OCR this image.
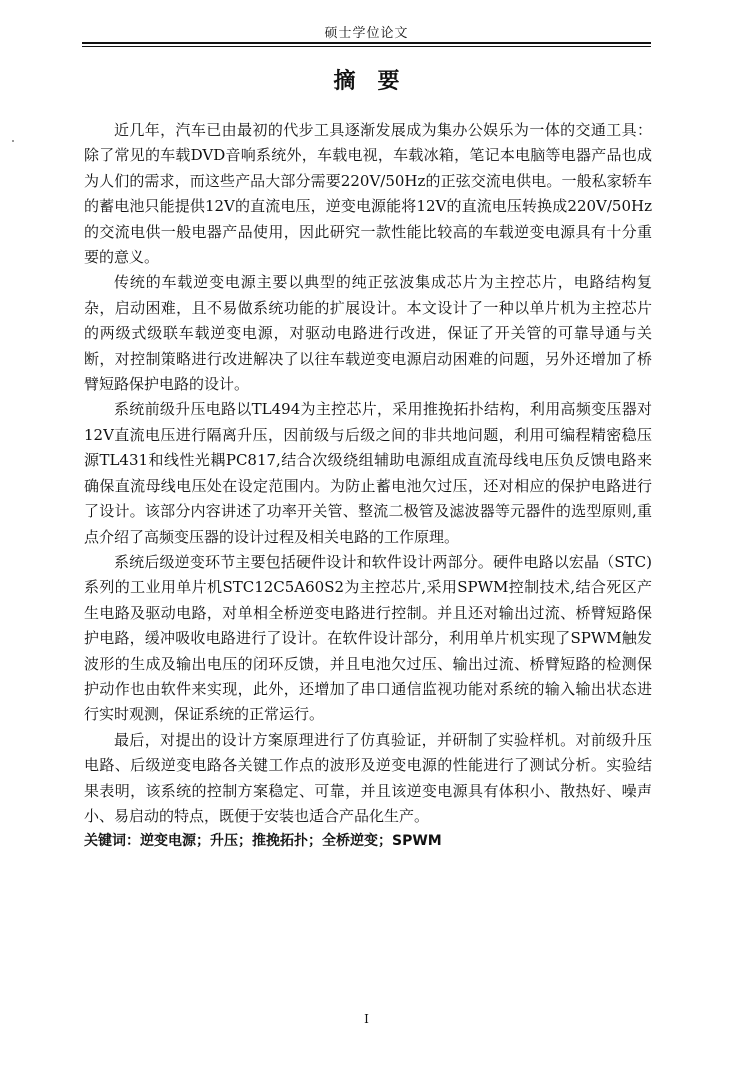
硕士学位论文
摘要

近几年，汽车已由最初的代步工具逐渐发展成为集办公娱乐为一体的交通工具：除了常见的车载DVD音响系统外，车载电视，车载冰箱，笔记本电脑等电器产品也成为人们的需求，而这些产品大部分需要220V/50Hz的正弦交流电供电。一般私家轿车的蓄电池只能提供12V的直流电压，逆变电源能将12V的直流电压转换成220V/50Hz的交流电供一般电器产品使用，因此研究一款性能比较高的车载逆变电源具有十分重要的意义。

传统的车载逆变电源主要以典型的纯正弦波集成芯片为主控芯片，电路结构复杂，启动困难，且不易做系统功能的扩展设计。本文设计了一种以单片机为主控芯片的两级式级联车载逆变电源，对驱动电路进行改进，保证了开关管的可靠导通与关断，对控制策略进行改进解决了以往车载逆变电源启动困难的问题，另外还增加了桥臂短路保护电路的设计。

系统前级升压电路以TL494为主控芯片，采用推挽拓扑结构，利用高频变压器对12V直流电压进行隔离升压，因前级与后级之间的非共地问题，利用可编程精密稳压源TL431和线性光耦PC817,结合次级绕组辅助电源组成直流母线电压负反馈电路来确保直流母线电压处在设定范围内。为防止蓄电池欠过压，还对相应的保护电路进行了设计。该部分内容讲述了功率开关管、整流二极管及滤波器等元器件的选型原则,重点介绍了高频变压器的设计过程及相关电路的工作原理。

系统后级逆变环节主要包括硬件设计和软件设计两部分。硬件电路以宏晶（STC)系列的工业用单片机STC12C5A60S2为主控芯片,采用SPWM控制技术,结合死区产生电路及驱动电路，对单相全桥逆变电路进行控制。并且还对输出过流、桥臂短路保护电路，缓冲吸收电路进行了设计。在软件设计部分，利用单片机实现了SPWM触发波形的生成及输出电压的闭环反馈，并且电池欠过压、输出过流、桥臂短路的检测保护动作也由软件来实现，此外，还增加了串口通信监视功能对系统的输入输出状态进行实时观测，保证系统的正常运行。

最后，对提出的设计方案原理进行了仿真验证，并研制了实验样机。对前级升压电路、后级逆变电路各关键工作点的波形及逆变电源的性能进行了测试分析。实验结果表明，该系统的控制方案稳定、可靠，并且该逆变电源具有体积小、散热好、噪声小、易启动的特点，既便于安装也适合产品化生产。

关键词：逆变电源；升压；推挽拓扑；全桥逆变；SPWM

I
